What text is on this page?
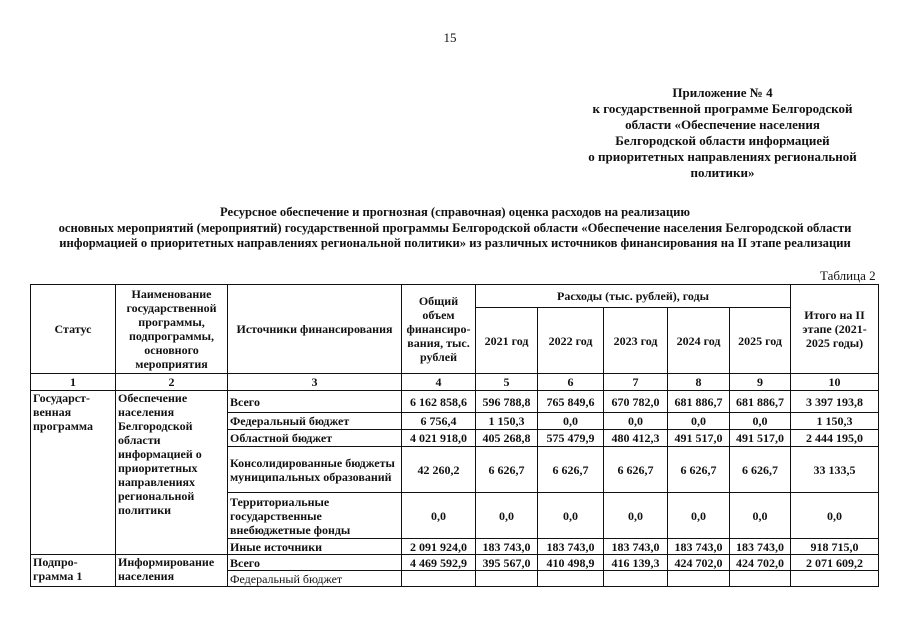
15
Приложение № 4
к государственной программе Белгородской
области «Обеспечение населения
Белгородской области информацией
о приоритетных направлениях региональной
политики»
Ресурсное обеспечение и прогнозная (справочная) оценка расходов на реализацию
основных мероприятий (мероприятий) государственной программы Белгородской области «Обеспечение населения Белгородской области
информацией о приоритетных направлениях региональной политики» из различных источников финансирования на II этапе реализации
Таблица 2
Статус	Наименование государственной программы, подпрограммы, основного мероприятия	Источники финансирования	Общий объем финансиро-вания, тыс. рублей	Расходы (тыс. рублей), годы					Итого на II этапе (2021-2025 годы)
				2021 год	2022 год	2023 год	2024 год	2025 год	
1	2	3	4	5	6	7	8	9	10
Государст-венная программа	Обеспечение населения Белгородской области информацией о приоритетных направлениях региональной политики	Всего	6 162 858,6	596 788,8	765 849,6	670 782,0	681 886,7	681 886,7	3 397 193,8
		Федеральный бюджет	6 756,4	1 150,3	0,0	0,0	0,0	0,0	1 150,3
		Областной бюджет	4 021 918,0	405 268,8	575 479,9	480 412,3	491 517,0	491 517,0	2 444 195,0
		Консолидированные бюджеты муниципальных образований	42 260,2	6 626,7	6 626,7	6 626,7	6 626,7	6 626,7	33 133,5
		Территориальные государственные внебюджетные фонды	0,0	0,0	0,0	0,0	0,0	0,0	0,0
		Иные источники	2 091 924,0	183 743,0	183 743,0	183 743,0	183 743,0	183 743,0	918 715,0
Подпро-грамма 1	Информирование населения	Всего	4 469 592,9	395 567,0	410 498,9	416 139,3	424 702,0	424 702,0	2 071 609,2
		Федеральный бюджет							
